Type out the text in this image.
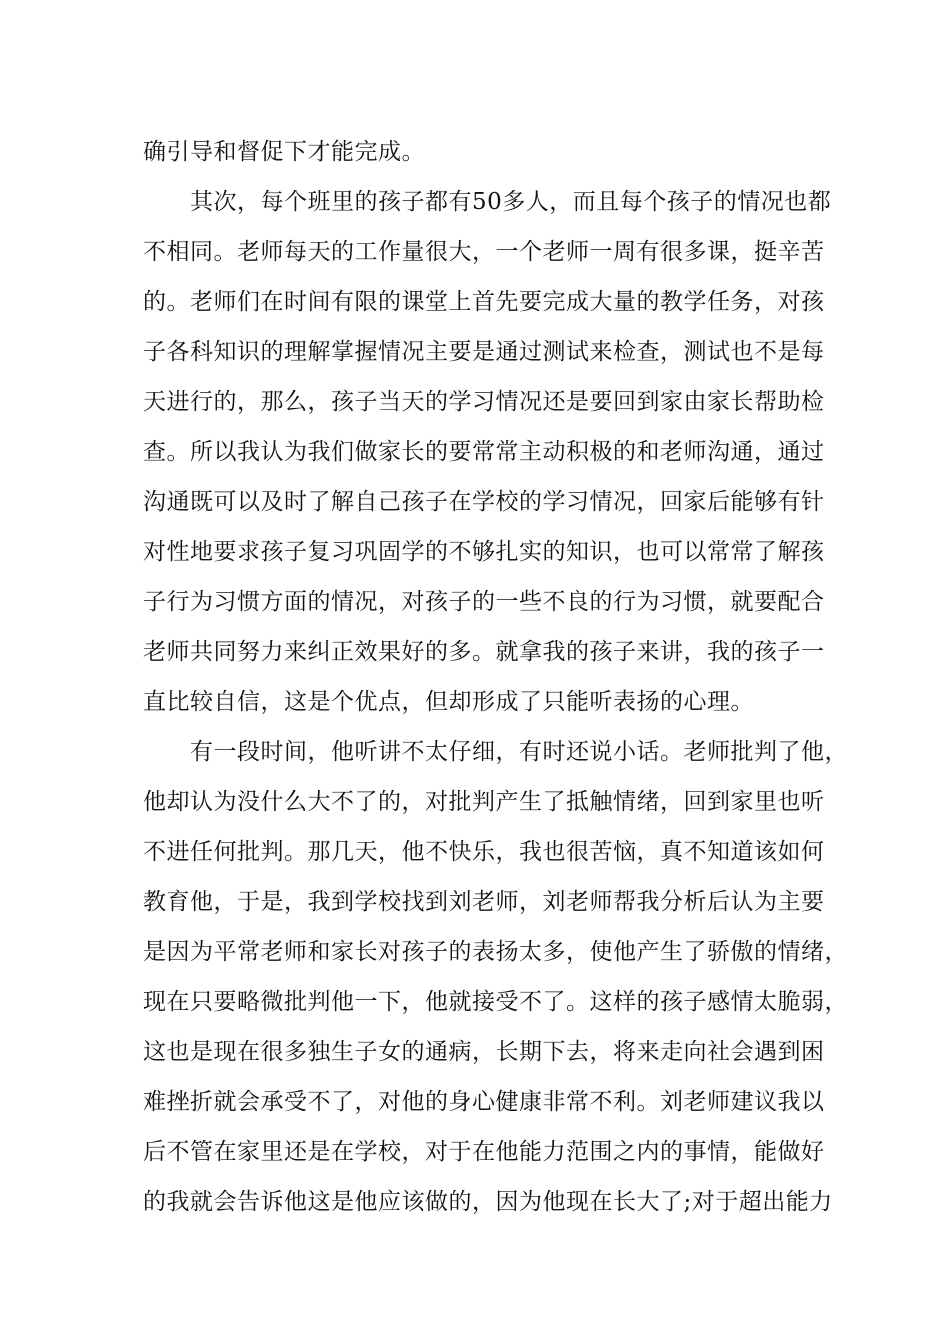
确引导和督促下才能完成。
其次，每个班里的孩子都有50多人，而且每个孩子的情况也都
不相同。老师每天的工作量很大，一个老师一周有很多课，挺辛苦
的。老师们在时间有限的课堂上首先要完成大量的教学任务，对孩
子各科知识的理解掌握情况主要是通过测试来检查，测试也不是每
天进行的，那么，孩子当天的学习情况还是要回到家由家长帮助检
查。所以我认为我们做家长的要常常主动积极的和老师沟通，通过
沟通既可以及时了解自己孩子在学校的学习情况，回家后能够有针
对性地要求孩子复习巩固学的不够扎实的知识，也可以常常了解孩
子行为习惯方面的情况，对孩子的一些不良的行为习惯，就要配合
老师共同努力来纠正效果好的多。就拿我的孩子来讲，我的孩子一
直比较自信，这是个优点，但却形成了只能听表扬的心理。
有一段时间，他听讲不太仔细，有时还说小话。老师批判了他，
他却认为没什么大不了的，对批判产生了抵触情绪，回到家里也听
不进任何批判。那几天，他不快乐，我也很苦恼，真不知道该如何
教育他，于是，我到学校找到刘老师，刘老师帮我分析后认为主要
是因为平常老师和家长对孩子的表扬太多，使他产生了骄傲的情绪，
现在只要略微批判他一下，他就接受不了。这样的孩子感情太脆弱，
这也是现在很多独生子女的通病，长期下去，将来走向社会遇到困
难挫折就会承受不了，对他的身心健康非常不利。刘老师建议我以
后不管在家里还是在学校，对于在他能力范围之内的事情，能做好
的我就会告诉他这是他应该做的，因为他现在长大了;对于超出能力
